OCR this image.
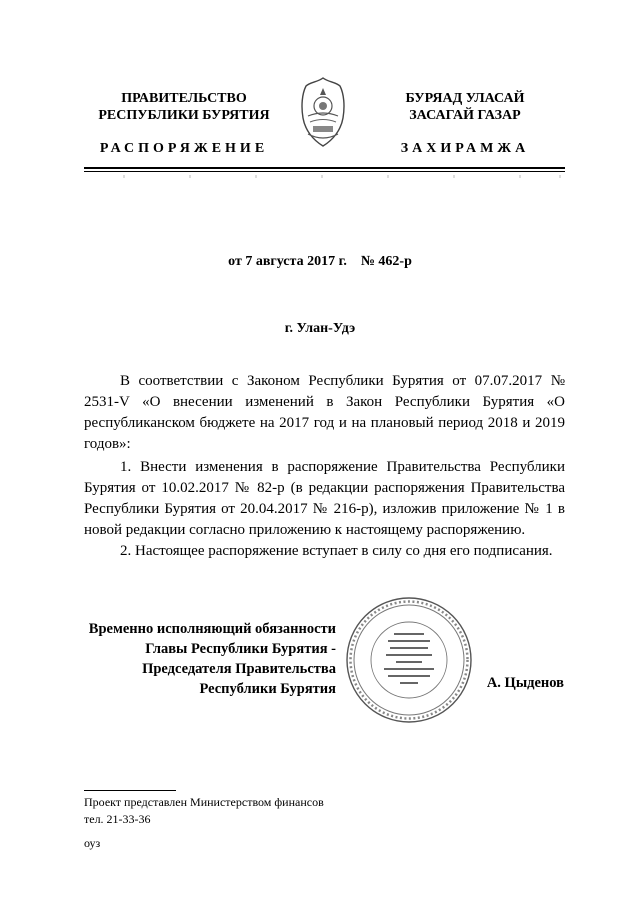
ПРАВИТЕЛЬСТВО
РЕСПУБЛИКИ БУРЯТИЯ
РАСПОРЯЖЕНИЕ
БУРЯАД УЛАСАЙ
ЗАСАГАЙ ГАЗАР
ЗАХИРАМЖА
от 7 августа 2017 г.    № 462-р
г. Улан-Удэ

В соответствии с Законом Республики Бурятия от 07.07.2017 № 2531-V «О внесении изменений в Закон Республики Бурятия «О республиканском бюджете на 2017 год и на плановый период 2018 и 2019 годов»:

1. Внести изменения в распоряжение Правительства Республики Бурятия от 10.02.2017 № 82-р (в редакции распоряжения Правительства Республики Бурятия от 20.04.2017 № 216-р), изложив приложение № 1 в новой редакции согласно приложению к настоящему распоряжению.

2. Настоящее распоряжение вступает в силу со дня его подписания.

Временно исполняющий обязанности
Главы Республики Бурятия -
Председателя Правительства
Республики Бурятия	А. Цыденов
Проект представлен Министерством финансов
тел. 21-33-36
оуз
